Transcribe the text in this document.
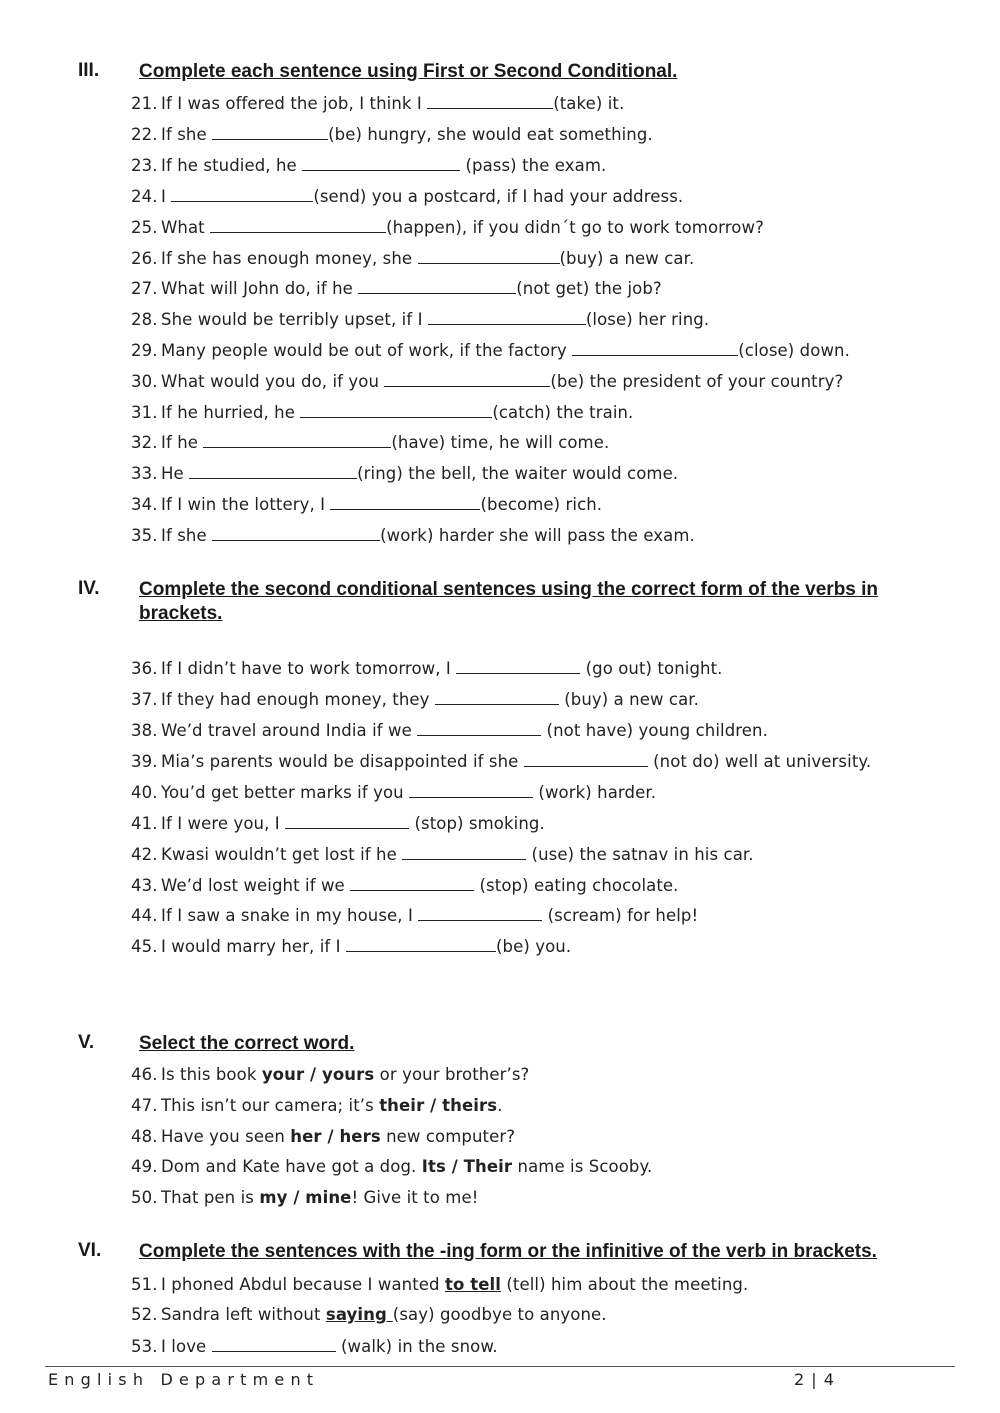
III. Complete each sentence using First or Second Conditional.
21. If I was offered the job, I think I	(take) it.
22. If she	(be) hungry, she would eat something.
23. If he studied, he	(pass) the exam.
24. I	(send) you a postcard, if I had your address.
25. What	(happen), if you didn´t go to work tomorrow?
26. If she has enough money, she	(buy) a new car.
27. What will John do, if he	(not get) the job?
28. She would be terribly upset, if I	(lose) her ring.
29. Many people would be out of work, if the factory	(close) down.
30. What would you do, if you	(be) the president of your country?
31. If he hurried, he	(catch) the train.
32. If he	(have) time, he will come.
33. He	(ring) the bell, the waiter would come.
34. If I win the lottery, I	(become) rich.
35. If she	(work) harder she will pass the exam.
IV. Complete the second conditional sentences using the correct form of the verbs in brackets.
36. If I didn’t have to work tomorrow, I	(go out) tonight.
37. If they had enough money, they	(buy) a new car.
38. We’d travel around India if we	(not have) young children.
39. Mia’s parents would be disappointed if she	(not do) well at university.
40. You’d get better marks if you	(work) harder.
41. If I were you, I	(stop) smoking.
42. Kwasi wouldn’t get lost if he	(use) the satnav in his car.
43. We’d lost weight if we	(stop) eating chocolate.
44. If I saw a snake in my house, I	(scream) for help!
45. I would marry her, if I	(be) you.
V. Select the correct word.
46. Is this book your / yours or your brother’s?
47. This isn’t our camera; it’s their / theirs.
48. Have you seen her / hers new computer?
49. Dom and Kate have got a dog. Its / Their name is Scooby.
50. That pen is my / mine! Give it to me!
VI. Complete the sentences with the -ing form or the infinitive of the verb in brackets.
51. I phoned Abdul because I wanted to tell (tell) him about the meeting.
52. Sandra left without saying (say) goodbye to anyone.
53. I love	(walk) in the snow.
English Department	2 | 4
